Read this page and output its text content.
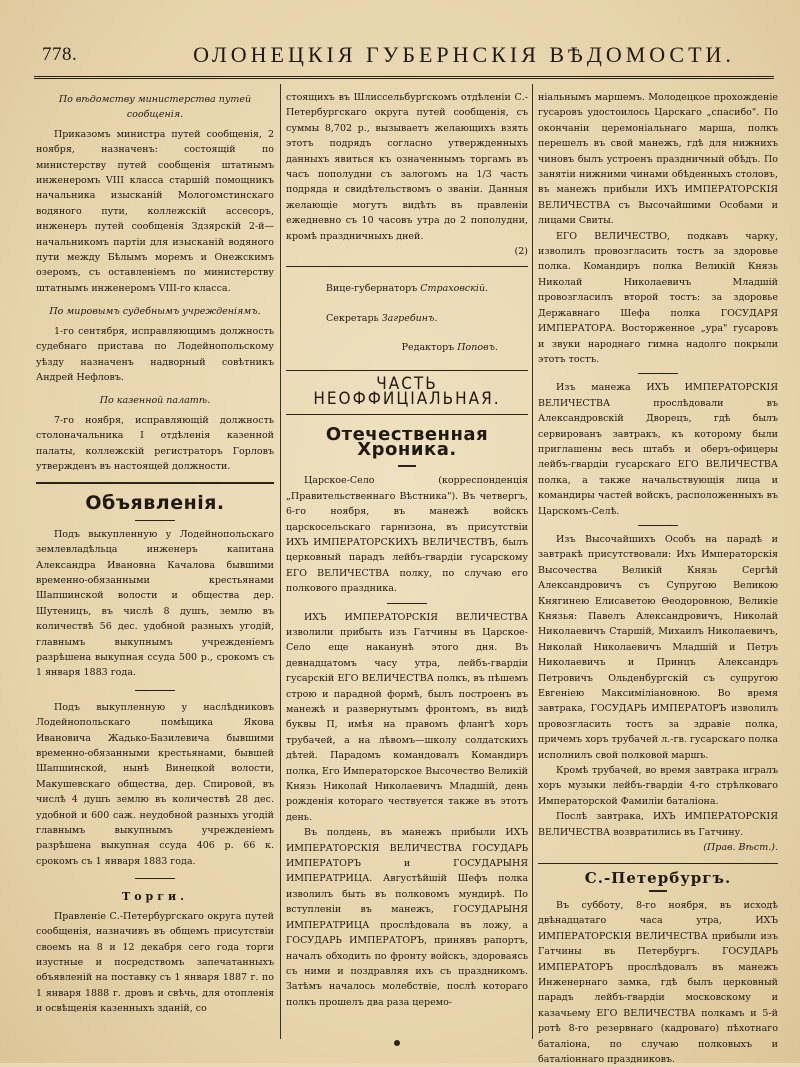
778.	ОЛОНЕЦКІЯ ГУБЕРНСКІЯ ВѢДОМОСТИ.

По вѣдомству министерства путей сообщенія.

Приказомъ министра путей сообщенія, 2 ноября, назначенъ: состоящій по министерству путей сообщенія штатнымъ инженеромъ VIII класса старшій помощникъ начальника изысканій Мологомстинскаго водяного пути, коллежскій ассесоръ, инженеръ путей сообщенія Здзярскій 2-й—начальникомъ партіи для изысканій водяного пути между Бѣлымъ моремъ и Онежскимъ озеромъ, съ оставленіемъ по министерству штатнымъ инженеромъ VIII-го класса.

По мировымъ судебнымъ учрежденіямъ.

1-го сентября, исправляющимъ должность судебнаго пристава по Лодейнопольскому уѣзду назначенъ надворный совѣтникъ Андрей Нефловъ.

По казенной палатѣ.

7-го ноября, исправляющій должность столоначальника I отдѣленія казенной палаты, коллежскій регистраторъ Горловъ утвержденъ въ настоящей должности.

Объявленія.

Подъ выкупленную у Лодейнопольскаго землевладѣльца инженеръ капитана Александра Ивановна Качалова бывшими временно-обязанными крестьянами Шапшинской волости и общества дер. Шутеницъ, въ числѣ 8 душъ, землю въ количествѣ 56 дес. удобной разныхъ угодій, главнымъ выкупнымъ учрежденіемъ разрѣшена выкупная ссуда 500 р., срокомъ съ 1 января 1883 года.

Подъ выкупленную у наслѣдниковъ Лодейнопольскаго помѣщика Якова Ивановича Жадько-Базилевича бывшими временно-обязанными крестьянами, бывшей Шапшинской, нынѣ Винецкой волости, Макушевскаго общества, дер. Спировой, въ числѣ 4 душъ землю въ количествѣ 28 дес. удобной и 600 саж. неудобной разныхъ угодій главнымъ выкупнымъ учрежденіемъ разрѣшена выкупная ссуда 406 р. 66 к. срокомъ съ 1 января 1883 года.

Торги.

Правленіе С.-Петербургскаго округа путей сообщенія, назначивъ въ общемъ присутствіи своемъ на 8 и 12 декабря сего года торги изустные и посредствомъ запечатанныхъ объявленій на поставку съ 1 января 1887 г. по 1 января 1888 г. дровъ и свѣчь, для отопленія и освѣщенія казенныхъ зданій, со

стоящихъ въ Шлиссельбургскомъ отдѣленіи С.-Петербургскаго округа путей сообщенія, съ суммы 8,702 р., вызываетъ желающихъ взять этотъ подрядъ согласно утвержденныхъ данныхъ явиться къ означеннымъ торгамъ въ часъ пополудни съ залогомъ на 1/3 часть подряда и свидѣтельствомъ о званіи. Данныя желающіе могутъ видѣть въ правленіи ежедневно съ 10 часовъ утра до 2 пополудни, кромѣ праздничныхъ дней.

(2)

Вице-губернаторъ Страховскій.

Секретарь Загребинъ.

Редакторъ Поповъ.

ЧАСТЬ НЕОФФИЦІАЛЬНАЯ.

Отечественная Хроника.

Царское-Село (корреспонденція „Правительственнаго Вѣстника"). Въ четвергъ, 6-го ноября, въ манежѣ войскъ царскосельскаго гарнизона, въ присутствіи ИХЪ ИМПЕРАТОРСКИХЪ ВЕЛИЧЕСТВЪ, былъ церковный парадъ лейбъ-гвардіи гусарскому ЕГО ВЕЛИЧЕСТВА полку, по случаю его полкового праздника.

ИХЪ ИМПЕРАТОРСКІЯ ВЕЛИЧЕСТВА изволили прибыть изъ Гатчины въ Царское-Село еще наканунѣ этого дня. Въ девнадцатомъ часу утра, лейбъ-гвардіи гусарскій ЕГО ВЕЛИЧЕСТВА полкъ, въ пѣшемъ строю и парадной формѣ, былъ построенъ въ манежѣ и развернутымъ фронтомъ, въ видѣ буквы П, имѣя на правомъ флангѣ хоръ трубачей, а на лѣвомъ—школу солдатскихъ дѣтей. Парадомъ командовалъ Командиръ полка, Его Императорское Высочество Великій Князь Николай Николаевичъ Младшій, день рожденія котораго чествуется также въ этотъ день.

Въ полдень, въ манежъ прибыли ИХЪ ИМПЕРАТОРСКІЯ ВЕЛИЧЕСТВА ГОСУДАРЬ ИМПЕРАТОРЪ и ГОСУДАРЫНЯ ИМПЕРАТРИЦА. Августѣйшій Шефъ полка изволилъ быть въ полковомъ мундирѣ. По вступленіи въ манежъ, ГОСУДАРЫНЯ ИМПЕРАТРИЦА прослѣдовала въ ложу, а ГОСУДАРЬ ИМПЕРАТОРЪ, принявъ рапортъ, началъ обходить по фронту войскъ, здороваясь съ ними и поздравляя ихъ съ праздникомъ. Затѣмъ началось молебствіе, послѣ котораго полкъ прошелъ два раза церемо-

ніальнымъ маршемъ. Молодецкое прохожденіе гусаровъ удостоилось Царскаго „спасибо". По окончаніи церемоніальнаго марша, полкъ перешелъ въ свой манежъ, гдѣ для нижнихъ чиновъ былъ устроенъ праздничный обѣдъ. По занятіи нижними чинами обѣденныхъ столовъ, въ манежъ прибыли ИХЪ ИМПЕРАТОРСКІЯ ВЕЛИЧЕСТВА съ Высочайшими Особами и лицами Свиты.

ЕГО ВЕЛИЧЕСТВО, подкавъ чарку, изволилъ провозгласить тостъ за здоровье полка. Командиръ полка Великій Князь Николай Николаевичъ Младшій провозгласилъ второй тостъ: за здоровье Державнаго Шефа полка ГОСУДАРЯ ИМПЕРАТОРА. Восторженное „ура" гусаровъ и звуки народнаго гимна надолго покрыли этотъ тостъ.

Изъ манежа ИХЪ ИМПЕРАТОРСКІЯ ВЕЛИЧЕСТВА прослѣдовали въ Александровскій Дворецъ, гдѣ былъ сервированъ завтракъ, къ которому были приглашены весь штабъ и оберъ-офицеры лейбъ-гвардіи гусарскаго ЕГО ВЕЛИЧЕСТВА полка, а также начальствующія лица и командиры частей войскъ, расположенныхъ въ Царскомъ-Селѣ.

Изъ Высочайшихъ Особъ на парадѣ и завтракѣ присутствовали: Ихъ Императорскія Высочества Великій Князь Сергѣй Александровичъ съ Супругою Великою Княгинею Елисаветою Ѳеодоровною, Великіе Князья: Павелъ Александровичъ, Николай Николаевичъ Старшій, Михаилъ Николаевичъ, Николай Николаевичъ Младшій и Петръ Николаевичъ и Принцъ Александръ Петровичъ Ольденбургскій съ супругою Евгеніею Максиміліановною. Во время завтрака, ГОСУДАРЬ ИМПЕРАТОРЪ изволилъ провозгласить тостъ за здравіе полка, причемъ хоръ трубачей л.-гв. гусарскаго полка исполнилъ свой полковой маршъ.

Кромѣ трубачей, во время завтрака игралъ хоръ музыки лейбъ-гвардіи 4-го стрѣлковаго Императорской Фамиліи баталіона.

Послѣ завтрака, ИХЪ ИМПЕРАТОРСКІЯ ВЕЛИЧЕСТВА возвратились въ Гатчину.

(Прав. Вѣст.).

С.-Петербургъ.

Въ субботу, 8-го ноября, въ исходѣ двѣнадцатаго часа утра, ИХЪ ИМПЕРАТОРСКІЯ ВЕЛИЧЕСТВА прибыли изъ Гатчины въ Петербургъ. ГОСУДАРЬ ИМПЕРАТОРЪ прослѣдовалъ въ манежъ Инженернаго замка, гдѣ былъ церковный парадъ лейбъ-гвардіи московскому и казачьему ЕГО ВЕЛИЧЕСТВА полкамъ и 5-й ротѣ 8-го резервнаго (кадроваго) пѣхотнаго баталіона, по случаю полковыхъ и баталіоннаго праздниковъ.
